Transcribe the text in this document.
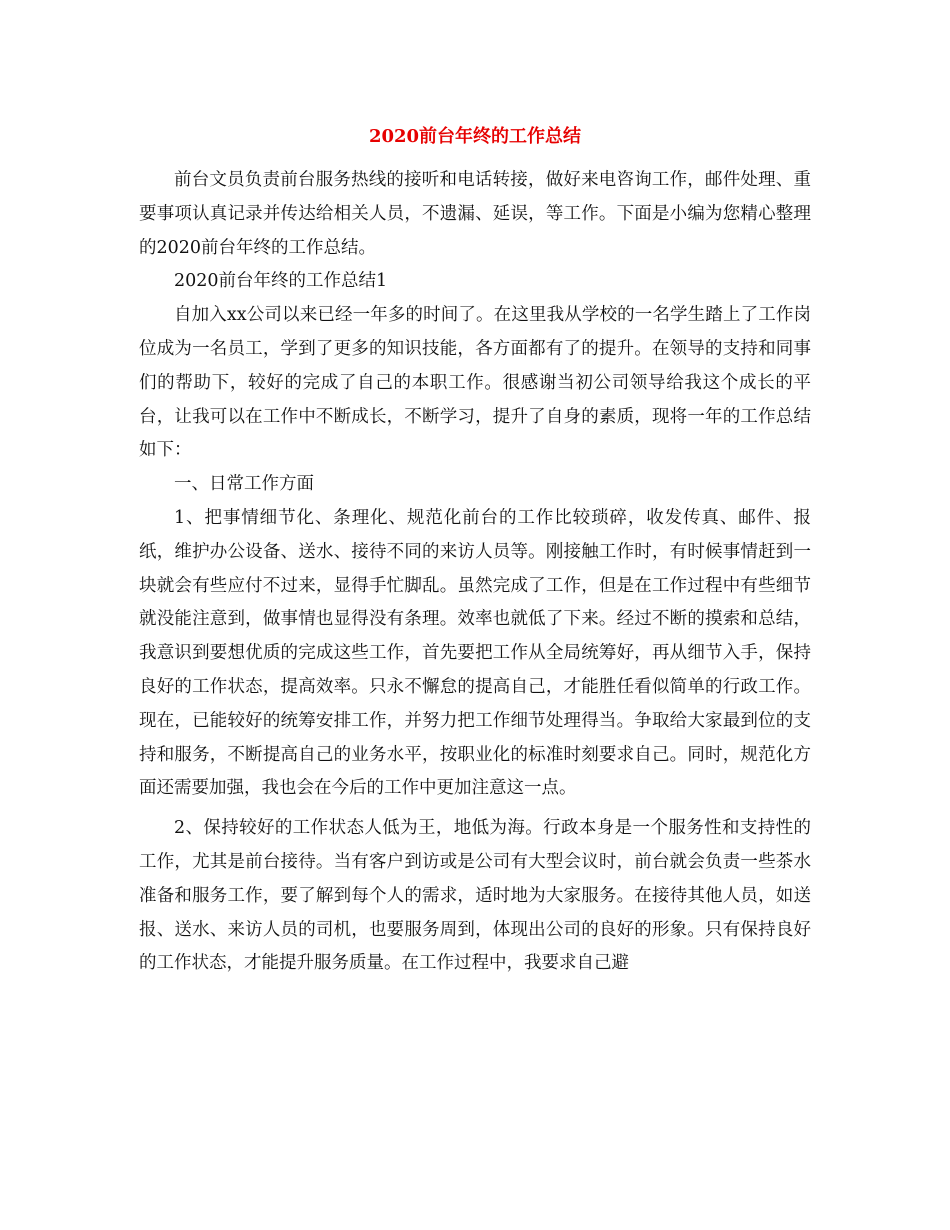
2020前台年终的工作总结

前台文员负责前台服务热线的接听和电话转接，做好来电咨询工作，邮件处理、重要事项认真记录并传达给相关人员，不遗漏、延误，等工作。下面是小编为您精心整理的2020前台年终的工作总结。

2020前台年终的工作总结1

自加入xx公司以来已经一年多的时间了。在这里我从学校的一名学生踏上了工作岗位成为一名员工，学到了更多的知识技能，各方面都有了的提升。在领导的支持和同事们的帮助下，较好的完成了自己的本职工作。很感谢当初公司领导给我这个成长的平台，让我可以在工作中不断成长，不断学习，提升了自身的素质，现将一年的工作总结如下：

一、日常工作方面

1、把事情细节化、条理化、规范化前台的工作比较琐碎，收发传真、邮件、报纸，维护办公设备、送水、接待不同的来访人员等。刚接触工作时，有时候事情赶到一块就会有些应付不过来，显得手忙脚乱。虽然完成了工作，但是在工作过程中有些细节就没能注意到，做事情也显得没有条理。效率也就低了下来。经过不断的摸索和总结，我意识到要想优质的完成这些工作，首先要把工作从全局统筹好，再从细节入手，保持良好的工作状态，提高效率。只永不懈怠的提高自己，才能胜任看似简单的行政工作。现在，已能较好的统筹安排工作，并努力把工作细节处理得当。争取给大家最到位的支持和服务，不断提高自己的业务水平，按职业化的标准时刻要求自己。同时，规范化方面还需要加强，我也会在今后的工作中更加注意这一点。

2、保持较好的工作状态人低为王，地低为海。行政本身是一个服务性和支持性的工作，尤其是前台接待。当有客户到访或是公司有大型会议时，前台就会负责一些茶水准备和服务工作，要了解到每个人的需求，适时地为大家服务。在接待其他人员，如送报、送水、来访人员的司机，也要服务周到，体现出公司的良好的形象。只有保持良好的工作状态，才能提升服务质量。在工作过程中，我要求自己避
